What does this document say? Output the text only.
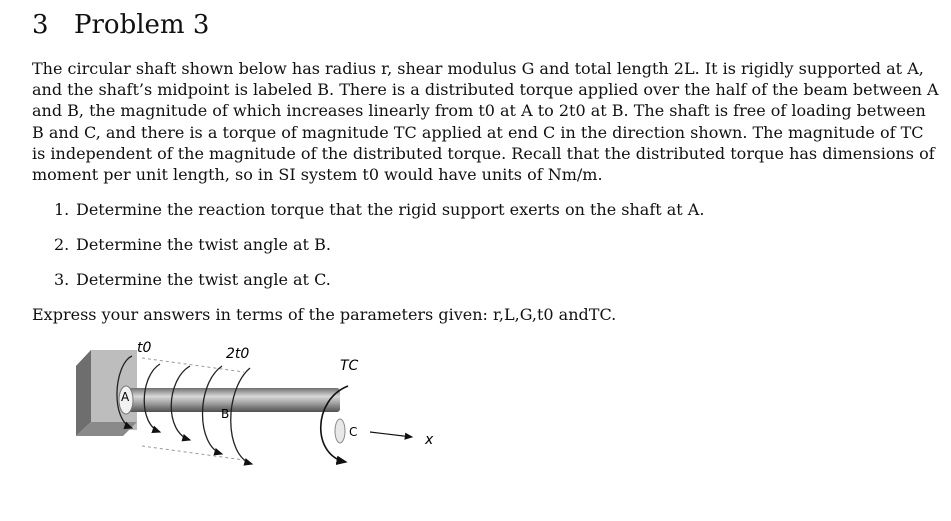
3 Problem 3
The circular shaft shown below has radius r, shear modulus G and total length 2L. It is rigidly supported at A,
and the shaft’s midpoint is labeled B. There is a distributed torque applied over the half of the beam between A
and B, the magnitude of which increases linearly from t0 at A to 2t0 at B. The shaft is free of loading between
B and C, and there is a torque of magnitude TC applied at end C in the direction shown. The magnitude of TC
is independent of the magnitude of the distributed torque. Recall that the distributed torque has dimensions of
moment per unit length, so in SI system t0 would have units of Nm/m.
1. Determine the reaction torque that the rigid support exerts on the shaft at A.
2. Determine the twist angle at B.
3. Determine the twist angle at C.
Express your answers in terms of the parameters given: r,L,G,t0 andTC.
t0	2t0
TC
A
B
C	x
